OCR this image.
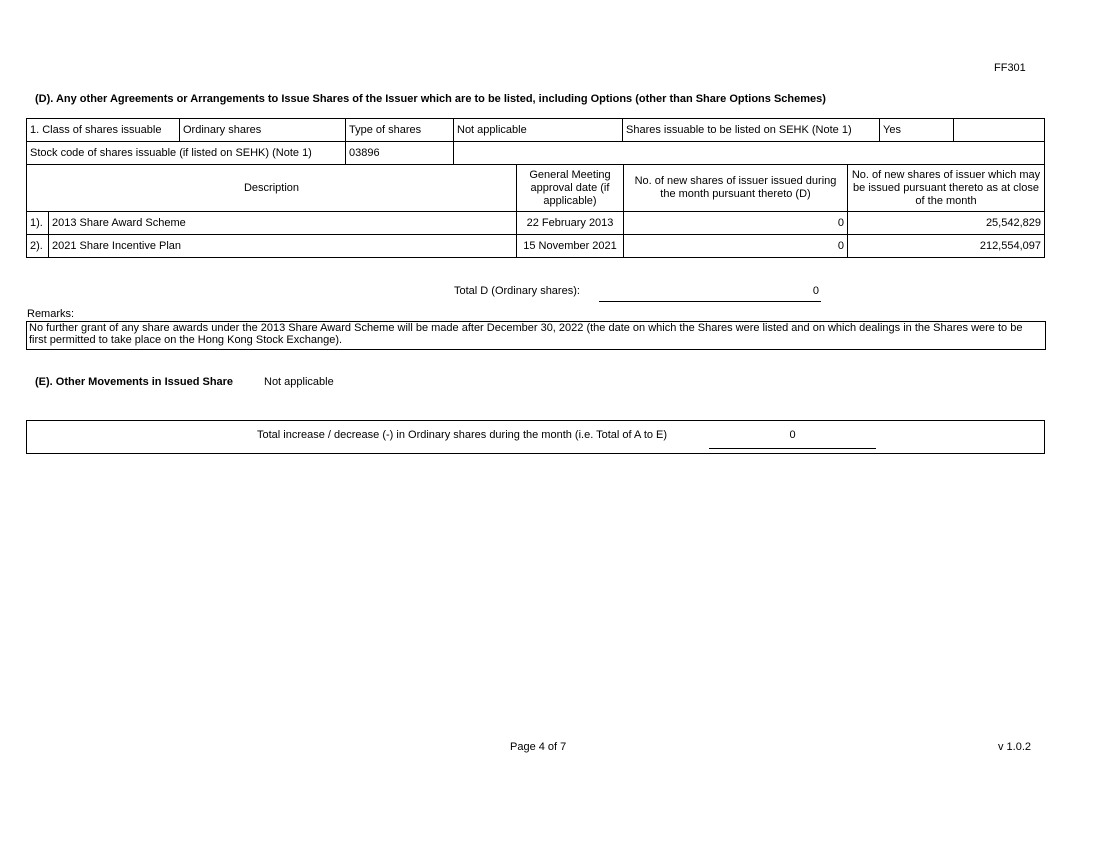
FF301
(D). Any other Agreements or Arrangements to Issue Shares of the Issuer which are to be listed, including Options (other than Share Options Schemes)
1. Class of shares issuable	Ordinary shares	Type of shares	Not applicable	Shares issuable to be listed on SEHK (Note 1)	Yes	
Stock code of shares issuable (if listed on SEHK) (Note 1)		03896				
Description		General Meeting approval date (if applicable)	No. of new shares of issuer issued during the month pursuant thereto (D)	No. of new shares of issuer which may be issued pursuant thereto as at close of the month
1).	2013 Share Award Scheme	22 February 2013	0	25,542,829
2).	2021 Share Incentive Plan	15 November 2021	0	212,554,097
Total D (Ordinary shares):	0
Remarks:
No further grant of any share awards under the 2013 Share Award Scheme will be made after December 30, 2022 (the date on which the Shares were listed and on which dealings in the Shares were to be first permitted to take place on the Hong Kong Stock Exchange).
(E). Other Movements in Issued Share	Not applicable
Total increase / decrease (-) in Ordinary shares during the month (i.e. Total of A to E)	0
Page 4 of 7	v 1.0.2
